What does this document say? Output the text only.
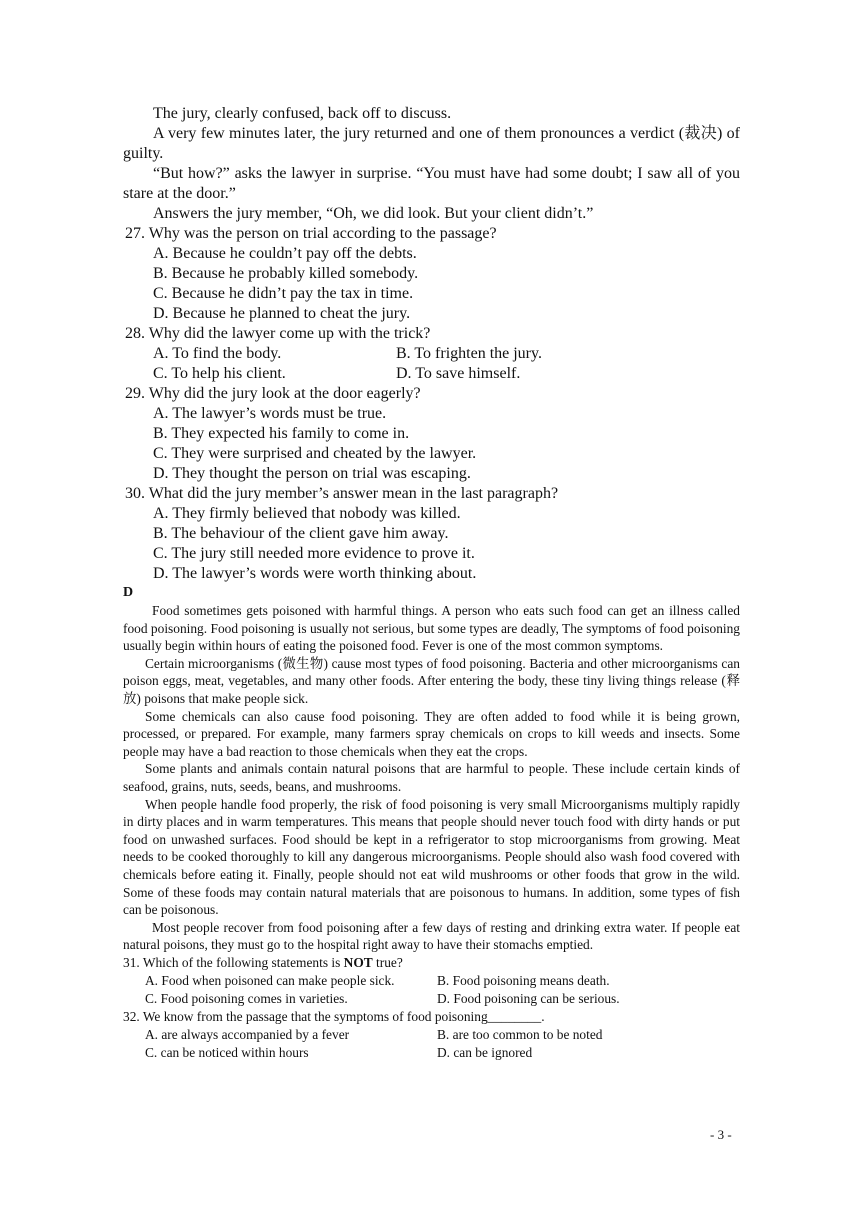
The jury, clearly confused, back off to discuss.

A very few minutes later, the jury returned and one of them pronounces a verdict (裁决) of guilty.

“But how?” asks the lawyer in surprise. “You must have had some doubt; I saw all of you stare at the door.”

Answers the jury member, “Oh, we did look. But your client didn’t.”

27. Why was the person on trial according to the passage?

A. Because he couldn’t pay off the debts.

B. Because he probably killed somebody.

C. Because he didn’t pay the tax in time.

D. Because he planned to cheat the jury.

28. Why did the lawyer come up with the trick?

A. To find the body.	B. To frighten the jury.
C. To help his client.	D. To save himself.

29. Why did the jury look at the door eagerly?

A. The lawyer’s words must be true.

B. They expected his family to come in.

C. They were surprised and cheated by the lawyer.

D. They thought the person on trial was escaping.

30. What did the jury member’s answer mean in the last paragraph?

A. They firmly believed that nobody was killed.

B. The behaviour of the client gave him away.

C. The jury still needed more evidence to prove it.

D. The lawyer’s words were worth thinking about.

D

Food sometimes gets poisoned with harmful things. A person who eats such food can get an illness called food poisoning. Food poisoning is usually not serious, but some types are deadly, The symptoms of food poisoning usually begin within hours of eating the poisoned food. Fever is one of the most common symptoms.

Certain microorganisms (微生物) cause most types of food poisoning. Bacteria and other microorganisms can poison eggs, meat, vegetables, and many other foods. After entering the body, these tiny living things release (释放) poisons that make people sick.

Some chemicals can also cause food poisoning. They are often added to food while it is being grown, processed, or prepared. For example, many farmers spray chemicals on crops to kill weeds and insects. Some people may have a bad reaction to those chemicals when they eat the crops.

Some plants and animals contain natural poisons that are harmful to people. These include certain kinds of seafood, grains, nuts, seeds, beans, and mushrooms.

When people handle food properly, the risk of food poisoning is very small Microorganisms multiply rapidly in dirty places and in warm temperatures. This means that people should never touch food with dirty hands or put food on unwashed surfaces. Food should be kept in a refrigerator to stop microorganisms from growing. Meat needs to be cooked thoroughly to kill any dangerous microorganisms. People should also wash food covered with chemicals before eating it. Finally, people should not eat wild mushrooms or other foods that grow in the wild. Some of these foods may contain natural materials that are poisonous to humans. In addition, some types of fish can be poisonous.

Most people recover from food poisoning after a few days of resting and drinking extra water. If people eat natural poisons, they must go to the hospital right away to have their stomachs emptied.

31. Which of the following statements is NOT true?

A. Food when poisoned can make people sick.	B. Food poisoning means death.
C. Food poisoning comes in varieties.	D. Food poisoning can be serious.

32. We know from the passage that the symptoms of food poisoning________.

A. are always accompanied by a fever	B. are too common to be noted
C. can be noticed within hours	D. can be ignored
- 3 -
